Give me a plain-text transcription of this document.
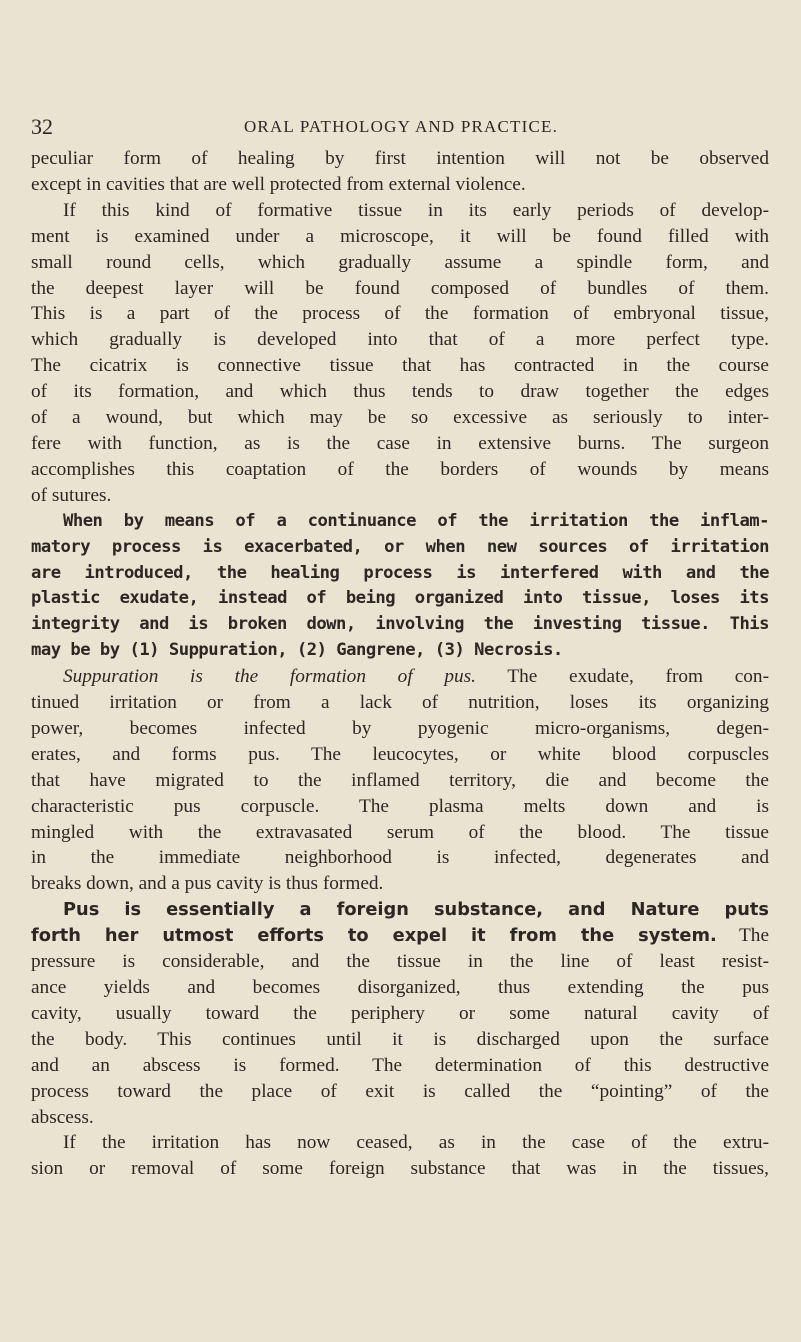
32	ORAL PATHOLOGY AND PRACTICE.
peculiar form of healing by first intention will not be observed
except in cavities that are well protected from external violence.
If this kind of formative tissue in its early periods of develop-
ment is examined under a microscope, it will be found filled with
small round cells, which gradually assume a spindle form, and
the deepest layer will be found composed of bundles of them.
This is a part of the process of the formation of embryonal tissue,
which gradually is developed into that of a more perfect type.
The cicatrix is connective tissue that has contracted in the course
of its formation, and which thus tends to draw together the edges
of a wound, but which may be so excessive as seriously to inter-
fere with function, as is the case in extensive burns. The surgeon
accomplishes this coaptation of the borders of wounds by means
of sutures.
When by means of a continuance of the irritation the inflam-
matory process is exacerbated, or when new sources of irritation
are introduced, the healing process is interfered with and the
plastic exudate, instead of being organized into tissue, loses its
integrity and is broken down, involving the investing tissue. This
may be by (1) Suppuration, (2) Gangrene, (3) Necrosis.
Suppuration is the formation of pus. The exudate, from con-
tinued irritation or from a lack of nutrition, loses its organizing
power, becomes infected by pyogenic micro-organisms, degen-
erates, and forms pus. The leucocytes, or white blood corpuscles
that have migrated to the inflamed territory, die and become the
characteristic pus corpuscle. The plasma melts down and is
mingled with the extravasated serum of the blood. The tissue
in the immediate neighborhood is infected, degenerates and
breaks down, and a pus cavity is thus formed.
Pus is essentially a foreign substance, and Nature puts
forth her utmost efforts to expel it from the system. The
pressure is considerable, and the tissue in the line of least resist-
ance yields and becomes disorganized, thus extending the pus
cavity, usually toward the periphery or some natural cavity of
the body. This continues until it is discharged upon the surface
and an abscess is formed. The determination of this destructive
process toward the place of exit is called the “pointing” of the
abscess.
If the irritation has now ceased, as in the case of the extru-
sion or removal of some foreign substance that was in the tissues,
